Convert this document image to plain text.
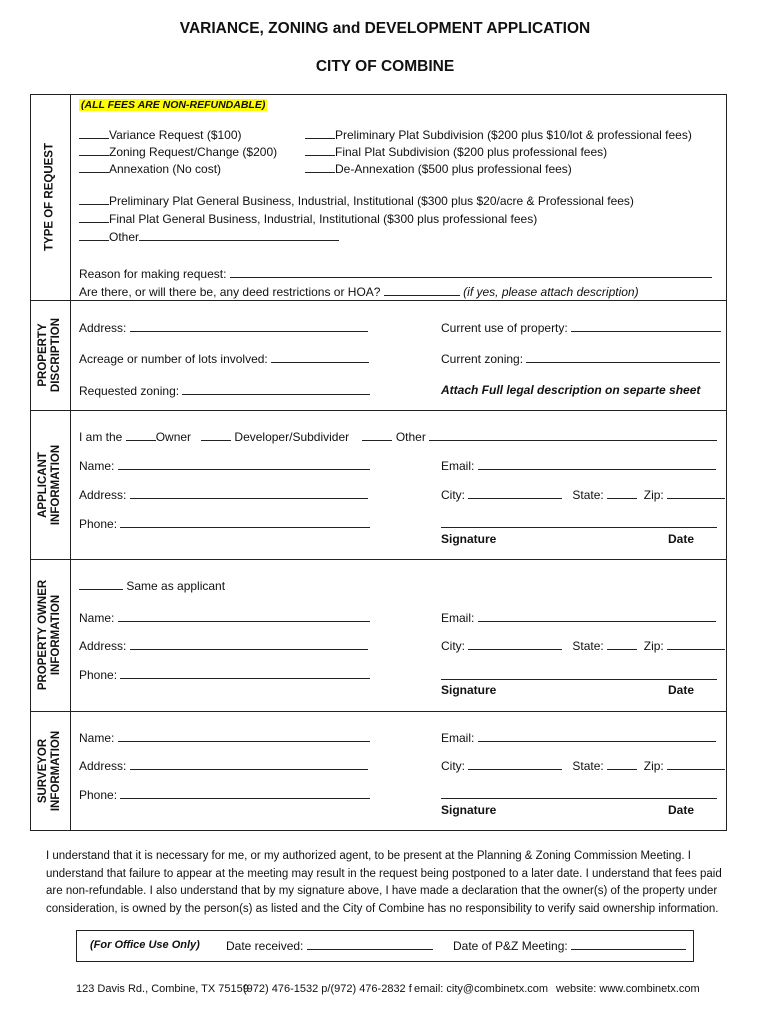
VARIANCE, ZONING and DEVELOPMENT APPLICATION
CITY OF COMBINE
TYPE OF REQUEST
PROPERTY
DISCRIPTION
APPLICANT
INFORMATION
PROPERTY OWNER
INFORMATION
SURVEYOR
INFORMATION
(ALL FEES ARE NON-REFUNDABLE)
Variance Request ($100)
Zoning Request/Change ($200)
Annexation (No cost)
Preliminary Plat Subdivision ($200 plus $10/lot & professional fees)
Final Plat Subdivision ($200 plus professional fees)
De-Annexation ($500 plus professional fees)
Preliminary Plat General Business, Industrial, Institutional ($300 plus $20/acre & Professional fees)
Final Plat General Business, Industrial, Institutional ($300 plus professional fees)
Other
Reason for making request:
Are there, or will there be, any deed restrictions or HOA?	(if yes, please attach description)
Address:	Current use of property:
Acreage or number of lots involved:	Current zoning:
Requested zoning:	Attach Full legal description on separte sheet
I am the	Owner	Developer/Subdivider	Other
Name:	Email:
Address:	City:	State:	Zip:
Phone:
Signature	Date
Same as applicant
Name:	Email:
Address:	City:	State:	Zip:
Phone:
Signature	Date
Name:	Email:
Address:	City:	State:	Zip:
Phone:
Signature	Date
I understand that it is necessary for me, or my authorized agent, to be present at the Planning & Zoning Commission Meeting. I understand that failure to appear at the meeting may result in the request being postponed to a later date. I understand that fees paid are non-refundable. I also understand that by my signature above, I have made a declaration that the owner(s) of the property under consideration, is owned by the person(s) as listed and the City of Combine has no responsibility to verify said ownership information.
(For Office Use Only) Date received:	Date of P&Z Meeting:
123 Davis Rd., Combine, TX 75159
(972) 476-1532 p/(972) 476-2832 f email: city@combinetx.com website: www.combinetx.com
